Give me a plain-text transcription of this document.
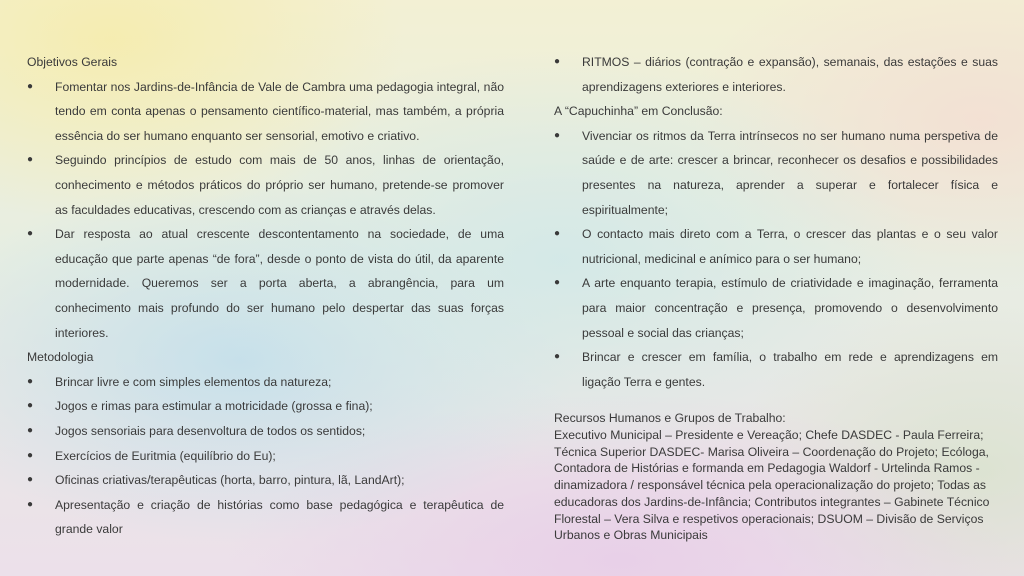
Objetivos Gerais

● Fomentar nos Jardins-de-Infância de Vale de Cambra uma pedagogia integral, não tendo em conta apenas o pensamento científico-material, mas também, a própria essência do ser humano enquanto ser sensorial, emotivo e criativo.
● Seguindo princípios de estudo com mais de 50 anos, linhas de orientação, conhecimento e métodos práticos do próprio ser humano, pretende-se promover as faculdades educativas, crescendo com as crianças e através delas.
● Dar resposta ao atual crescente descontentamento na sociedade, de uma educação que parte apenas “de fora”, desde o ponto de vista do útil, da aparente modernidade. Queremos ser a porta aberta, a abrangência, para um conhecimento mais profundo do ser humano pelo despertar das suas forças interiores.

Metodologia

● Brincar livre e com simples elementos da natureza;
● Jogos e rimas para estimular a motricidade (grossa e fina);
● Jogos sensoriais para desenvoltura de todos os sentidos;
● Exercícios de Euritmia (equilíbrio do Eu);
● Oficinas criativas/terapêuticas (horta, barro, pintura, lã, LandArt);
● Apresentação e criação de histórias como base pedagógica e terapêutica de grande valor
● RITMOS – diários (contração e expansão), semanais, das estações e suas aprendizagens exteriores e interiores.

A “Capuchinha” em Conclusão:

● Vivenciar os ritmos da Terra intrínsecos no ser humano numa perspetiva de saúde e de arte: crescer a brincar, reconhecer os desafios e possibilidades presentes na natureza, aprender a superar e fortalecer física e espiritualmente;
● O contacto mais direto com a Terra, o crescer das plantas e o seu valor nutricional, medicinal e anímico para o ser humano;
● A arte enquanto terapia, estímulo de criatividade e imaginação, ferramenta para maior concentração e presença, promovendo o desenvolvimento pessoal e social das crianças;
● Brincar e crescer em família, o trabalho em rede e aprendizagens em ligação Terra e gentes.

Recursos Humanos e Grupos de Trabalho:

Executivo Municipal – Presidente e Vereação; Chefe DASDEC - Paula Ferreira; Técnica Superior DASDEC- Marisa Oliveira – Coordenação do Projeto; Ecóloga, Contadora de Histórias e formanda em Pedagogia Waldorf - Urtelinda Ramos - dinamizadora / responsável técnica pela operacionalização do projeto; Todas as educadoras dos Jardins-de-Infância; Contributos integrantes – Gabinete Técnico Florestal – Vera Silva e respetivos operacionais; DSUOM – Divisão de Serviços Urbanos e Obras Municipais
